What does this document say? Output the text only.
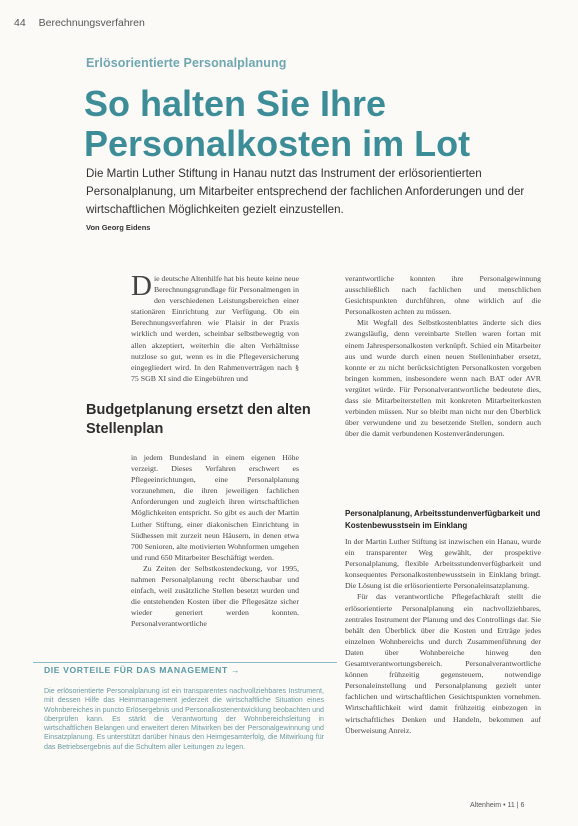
44 Berechnungsverfahren
Erlösorientierte Personalplanung
So halten Sie Ihre Personalkosten im Lot

Die Martin Luther Stiftung in Hanau nutzt das Instrument der erlösorientierten Personalplanung, um Mitarbeiter entsprechend der fachlichen Anforderungen und der wirtschaftlichen Möglichkeiten gezielt einzustellen.

Von Georg Eidens

Die deutsche Altenhilfe hat bis heute keine neue Berechnungsgrundlage für Personalmengen in den verschiedenen Leistungsbereichen einer stationären Einrichtung zur Verfügung. Ob ein Berechnungsverfahren wie Plaisir in der Praxis wirklich und werden, scheinbar selbstbewegtig von allen akzeptiert, weiterhin die alten Verhältnisse nutzlose so gut, wenn es in die Pflegeversicherung eingegliedert wird. In den Rahmenverträgen nach § 75 SGB XI sind die Eingebühren und

Budgetplanung ersetzt den alten Stellenplan

in jedem Bundesland in einem eigenen Höhe verzeigt. Dieses Verfahren erschwert es Pflegeeinrichtungen, eine Personalplanung vorzunehmen, die ihren jeweiligen fachlichen Anforderungen und zugleich ihren wirtschaftlichen Möglichkeiten entspricht. So gibt es auch der Martin Luther Stiftung, einer diakonischen Einrichtung in Südhessen mit zurzeit neun Häusern, in denen etwa 700 Senioren, alte motivierten Wohnformen umgehen und rund 650 Mitarbeiter Beschäftigt werden.

Zu Zeiten der Selbstkostendeckung, vor 1995, nahmen Personalplanung recht überschaubar und einfach, weil zusätzliche Stellen besetzt wurden und die entstehenden Kosten über die Pflegesätze sicher wieder generiert werden konnten. Personalverantwortliche

verantwortliche konnten ihre Personalgewinnung ausschließlich nach fachlichen und menschlichen Gesichtspunkten durchführen, ohne wirklich auf die Personalkosten achten zu müssen.

Mit Wegfall des Selbstkostenblattes änderte sich dies zwangsläufig, denn vereinbarte Stellen waren fortan mit einem Jahrespersonalkosten verknüpft. Schied ein Mitarbeiter aus und wurde durch einen neuen Stelleninhaber ersetzt, konnte er zu nicht berücksichtigten Personalkosten vorgeben bringen kommen, insbesondere wenn nach BAT oder AVR vergütet würde. Für Personalverantwortliche bedeutete dies, dass sie Mitarbeiterstellen mit konkreten Mitarbeiterkosten verbinden müssen. Nur so bleibt man nicht nur den Überblick über verwundene und zu besetzende Stellen, sondern auch über die damit verbundenen Kostenveränderungen.

Personalplanung, Arbeitsstundenverfügbarkeit und Kostenbewusstsein im Einklang

In der Martin Luther Stiftung ist inzwischen ein Hanau, wurde ein transparenter Weg gewählt, der prospektive Personalplanung, flexible Arbeitsstundenverfügbarkeit und konsequentes Personalkostenbewusstsein in Einklang bringt. Die Lösung ist die erlösorientierte Personaleinsatzplanung.

Für das verantwortliche Pflegefachkraft stellt die erlösorientierte Personalplanung ein nachvollziehbares, zentrales Instrument der Planung und des Controllings dar. Sie behält den Überblick über die Kosten und Erträge jedes einzelnen Wohnbereichs und durch Zusammenführung der Daten über Wohnbereiche hinweg den Gesamtverantwortungsbereich. Personalverantwortliche können frühzeitig gegensteuern, notwendige Personaleinstellung und Personalplanung gezielt unter fachlichen und wirtschaftlichen Gesichtspunkten vornehmen. Wirtschaftlichkeit wird damit frühzeitig einbezogen in wirtschaftliches Denken und Handeln, bekommen auf Überweisung Anreiz.

DIE VORTEILE FÜR DAS MANAGEMENT →

Die erlösorientierte Personalplanung ist ein transparentes nachvollziehbares Instrument, mit dessen Hilfe das Heimmanagement jederzeit die wirtschaftliche Situation eines Wohnbereiches in puncto Erlösergebnis und Personalkostenentwicklung beobachten und überprüfen kann. Es stärkt die Verantwortung der Wohnbereichsleitung in wirtschaftlichen Belangen und erweitert deren Mitwirken bei der Personalgewinnung und Einsatzplanung. Es unterstützt darüber hinaus den Heimgesamterfolg, die Mitwirkung für das Betriebsergebnis auf die Schultern aller Leitungen zu legen.

Altenheim • 11 | 6
